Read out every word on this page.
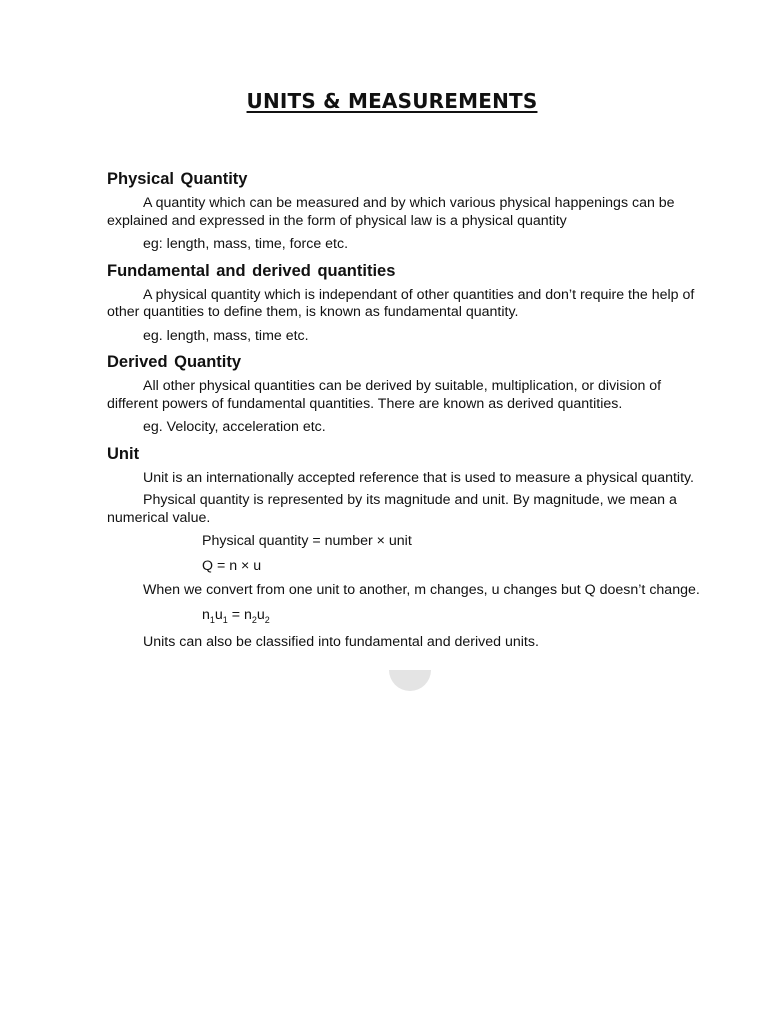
UNITS & MEASUREMENTS
Physical Quantity

A quantity which can be measured and by which various physical happenings can be explained and expressed in the form of physical law is a physical quantity

eg: length, mass, time, force etc.

Fundamental and derived quantities

A physical quantity which is independant of other quantities and don’t require the help of other quantities to define them, is known as fundamental quantity.

eg. length, mass, time etc.

Derived Quantity

All other physical quantities can be derived by suitable, multiplication, or division of different powers of fundamental quantities. There are known as derived quantities.

eg. Velocity, acceleration etc.

Unit

Unit is an internationally accepted reference that is used to measure a physical quantity.

Physical quantity is represented by its magnitude and unit. By magnitude, we mean a numerical value.

Physical quantity = number × unit

Q = n × u

When we convert from one unit to another, m changes, u changes but Q doesn’t change.

$n_1u_1 = n_2u_2$

Units can also be classified into fundamental and derived units.
